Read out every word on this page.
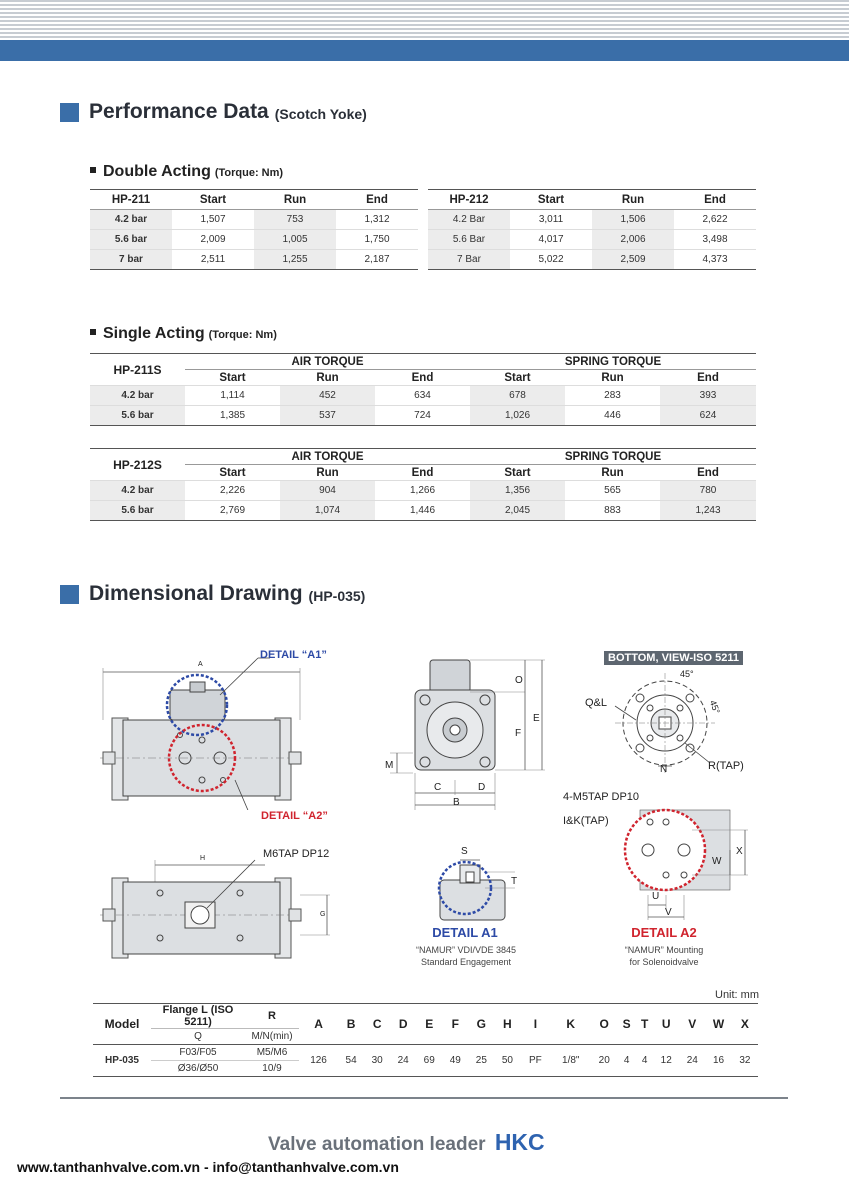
Performance Data (Scotch Yoke)
Double Acting (Torque: Nm)
HP-211	Start	Run	End
4.2 bar	1,507	753	1,312
5.6 bar	2,009	1,005	1,750
7 bar	2,511	1,255	2,187
HP-212	Start	Run	End
4.2 Bar	3,011	1,506	2,622
5.6 Bar	4,017	2,006	3,498
7 Bar	5,022	2,509	4,373
Single Acting (Torque: Nm)
HP-211S	AIR TORQUE			SPRING TORQUE		
	Start	Run	End	Start	Run	End
4.2 bar	1,114	452	634	678	283	393
5.6 bar	1,385	537	724	1,026	446	624
HP-212S	AIR TORQUE			SPRING TORQUE		
	Start	Run	End	Start	Run	End
4.2 bar	2,226	904	1,266	1,356	565	780
5.6 bar	2,769	1,074	1,446	2,045	883	1,243
Dimensional Drawing (HP-035)
A
DETAIL “A1”
DETAIL “A2”
H
G
M6TAP DP12
O
E
F
M
C	D
B
S
T
DETAIL A1
“NAMUR” VDI/VDE 3845
Standard Engagement
BOTTOM, VIEW-ISO 5211
45°
45°
Q&L
N	R(TAP)
4-M5TAP DP10
I&K(TAP)
W
X
U
V
DETAIL A2
“NAMUR” Mounting
for Solenoidvalve
Unit: mm
Model	Flange L (ISO 5211)	R	A	B	C	D	E	F	G	H	I	K	O	S	T	U	V	W	X
	Q	M/N(min)																	
HP-035	F03/F05	M5/M6	126	54	30	24	69	49	25	50	PF	1/8"	20	4	4	12	24	16	32
	Ø36/Ø50	10/9																	
Valve automation leader HKC
www.tanthanhvalve.com.vn - info@tanthanhvalve.com.vn
